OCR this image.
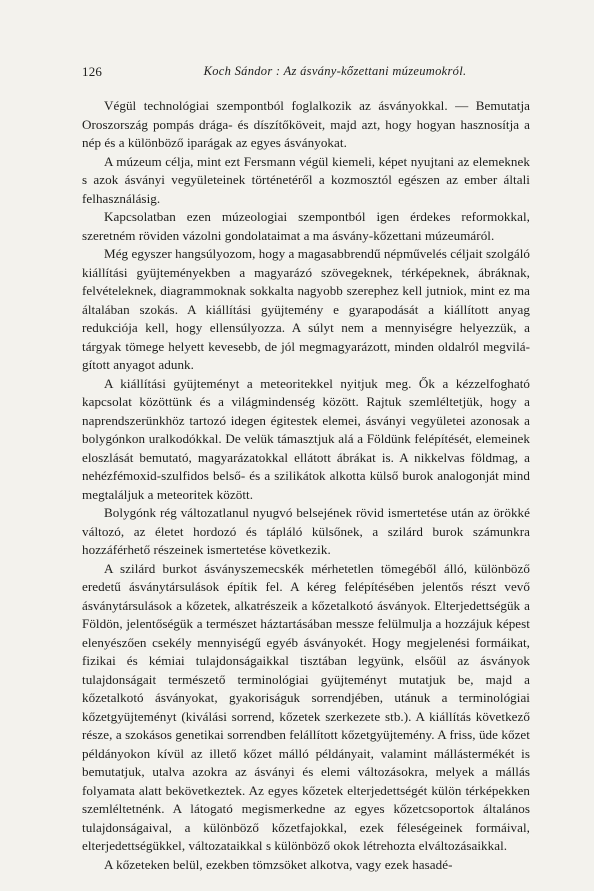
126	Koch Sándor : Az ásvány-kőzettani múzeumokról.

Végül technológiai szempontból foglalkozik az ásványokkal. — Bemutatja Oroszország pompás drága- és díszítőköveit, majd azt, hogy hogyan hasznosítja a nép és a különböző iparágak az egyes ásványokat.

A múzeum célja, mint ezt Fersmann végül kiemeli, képet nyujtani az elemeknek s azok ásványi vegyületeinek történetéről a kozmosztól egészen az ember általi felhasználásig.

Kapcsolatban ezen múzeologiai szempontból igen érdekes reformokkal, szeretném röviden vázolni gondolataimat a ma ásvány-kőzettani múzeumáról.

Még egyszer hangsúlyozom, hogy a magasabbrendű népművelés céljait szolgáló kiállítási gyüjteményekben a magyarázó szövegeknek, térképeknek, ábráknak, felvételeknek, diagrammoknak sokkalta nagyobb szerephez kell jutniok, mint ez ma általában szokás. A kiállítási gyüjtemény e gyarapodását a kiállított anyag redukciója kell, hogy ellensúlyozza. A súlyt nem a mennyiségre helyezzük, a tárgyak tömege helyett kevesebb, de jól megmagyarázott, minden oldalról megvilágított anyagot adunk.

A kiállítási gyüjteményt a meteoritekkel nyitjuk meg. Ők a kézzelfogható kapcsolat közöttünk és a világmindenség között. Rajtuk szemléltetjük, hogy a naprendszerünkhöz tartozó idegen égitestek elemei, ásványi vegyületei azonosak a bolygónkon uralkodókkal. De velük támasztjuk alá a Földünk felépítését, elemeinek eloszlását bemutató, magyarázatokkal ellátott ábrákat is. A nikkelvas földmag, a nehézfémoxid-szulfidos belső- és a szilikátok alkotta külső burok analogonját mind megtaláljuk a meteoritek között.

Bolygónk rég változatlanul nyugvó belsejének rövid ismertetése után az örökké változó, az életet hordozó és tápláló külsőnek, a szilárd burok számunkra hozzáférhető részeinek ismertetése következik.

A szilárd burkot ásványszemecskék mérhetetlen tömegéből álló, különböző eredetű ásványtársulások építik fel. A kéreg felépítésében jelentős részt vevő ásványtársulások a kőzetek, alkatrészeik a kőzetalkotó ásványok. Elterjedettségük a Földön, jelentőségük a természet háztartásában messze felülmulja a hozzájuk képest elenyészően csekély mennyiségű egyéb ásványokét. Hogy megjelenési formáikat, fizikai és kémiai tulajdonságaikkal tisztában legyünk, elsőül az ásványok tulajdonságait természető terminológiai gyüjteményt mutatjuk be, majd a kőzetalkotó ásványokat, gyakoriságuk sorrendjében, utánuk a terminológiai kőzetgyüjteményt (kiválási sorrend, kőzetek szerkezete stb.). A kiállítás következő része, a szokásos genetikai sorrendben felállított kőzetgyüjtemény. A friss, üde kőzet példányokon kívül az illető kőzet málló példányait, valamint mállástermékét is bemutatjuk, utalva azokra az ásványi és elemi változásokra, melyek a mállás folyamata alatt bekövetkeztek. Az egyes kőzetek elterjedettségét külön térképekken szemléltetnénk. A látogató megismerkedne az egyes kőzetcsoportok általános tulajdonságaival, a különböző kőzetfajokkal, ezek féleségeinek formáival, elterjedettségükkel, változataikkal s különböző okok létrehozta elváltozásaikkal.

A kőzeteken belül, ezekben tömzsöket alkotva, vagy ezek hasadé-
